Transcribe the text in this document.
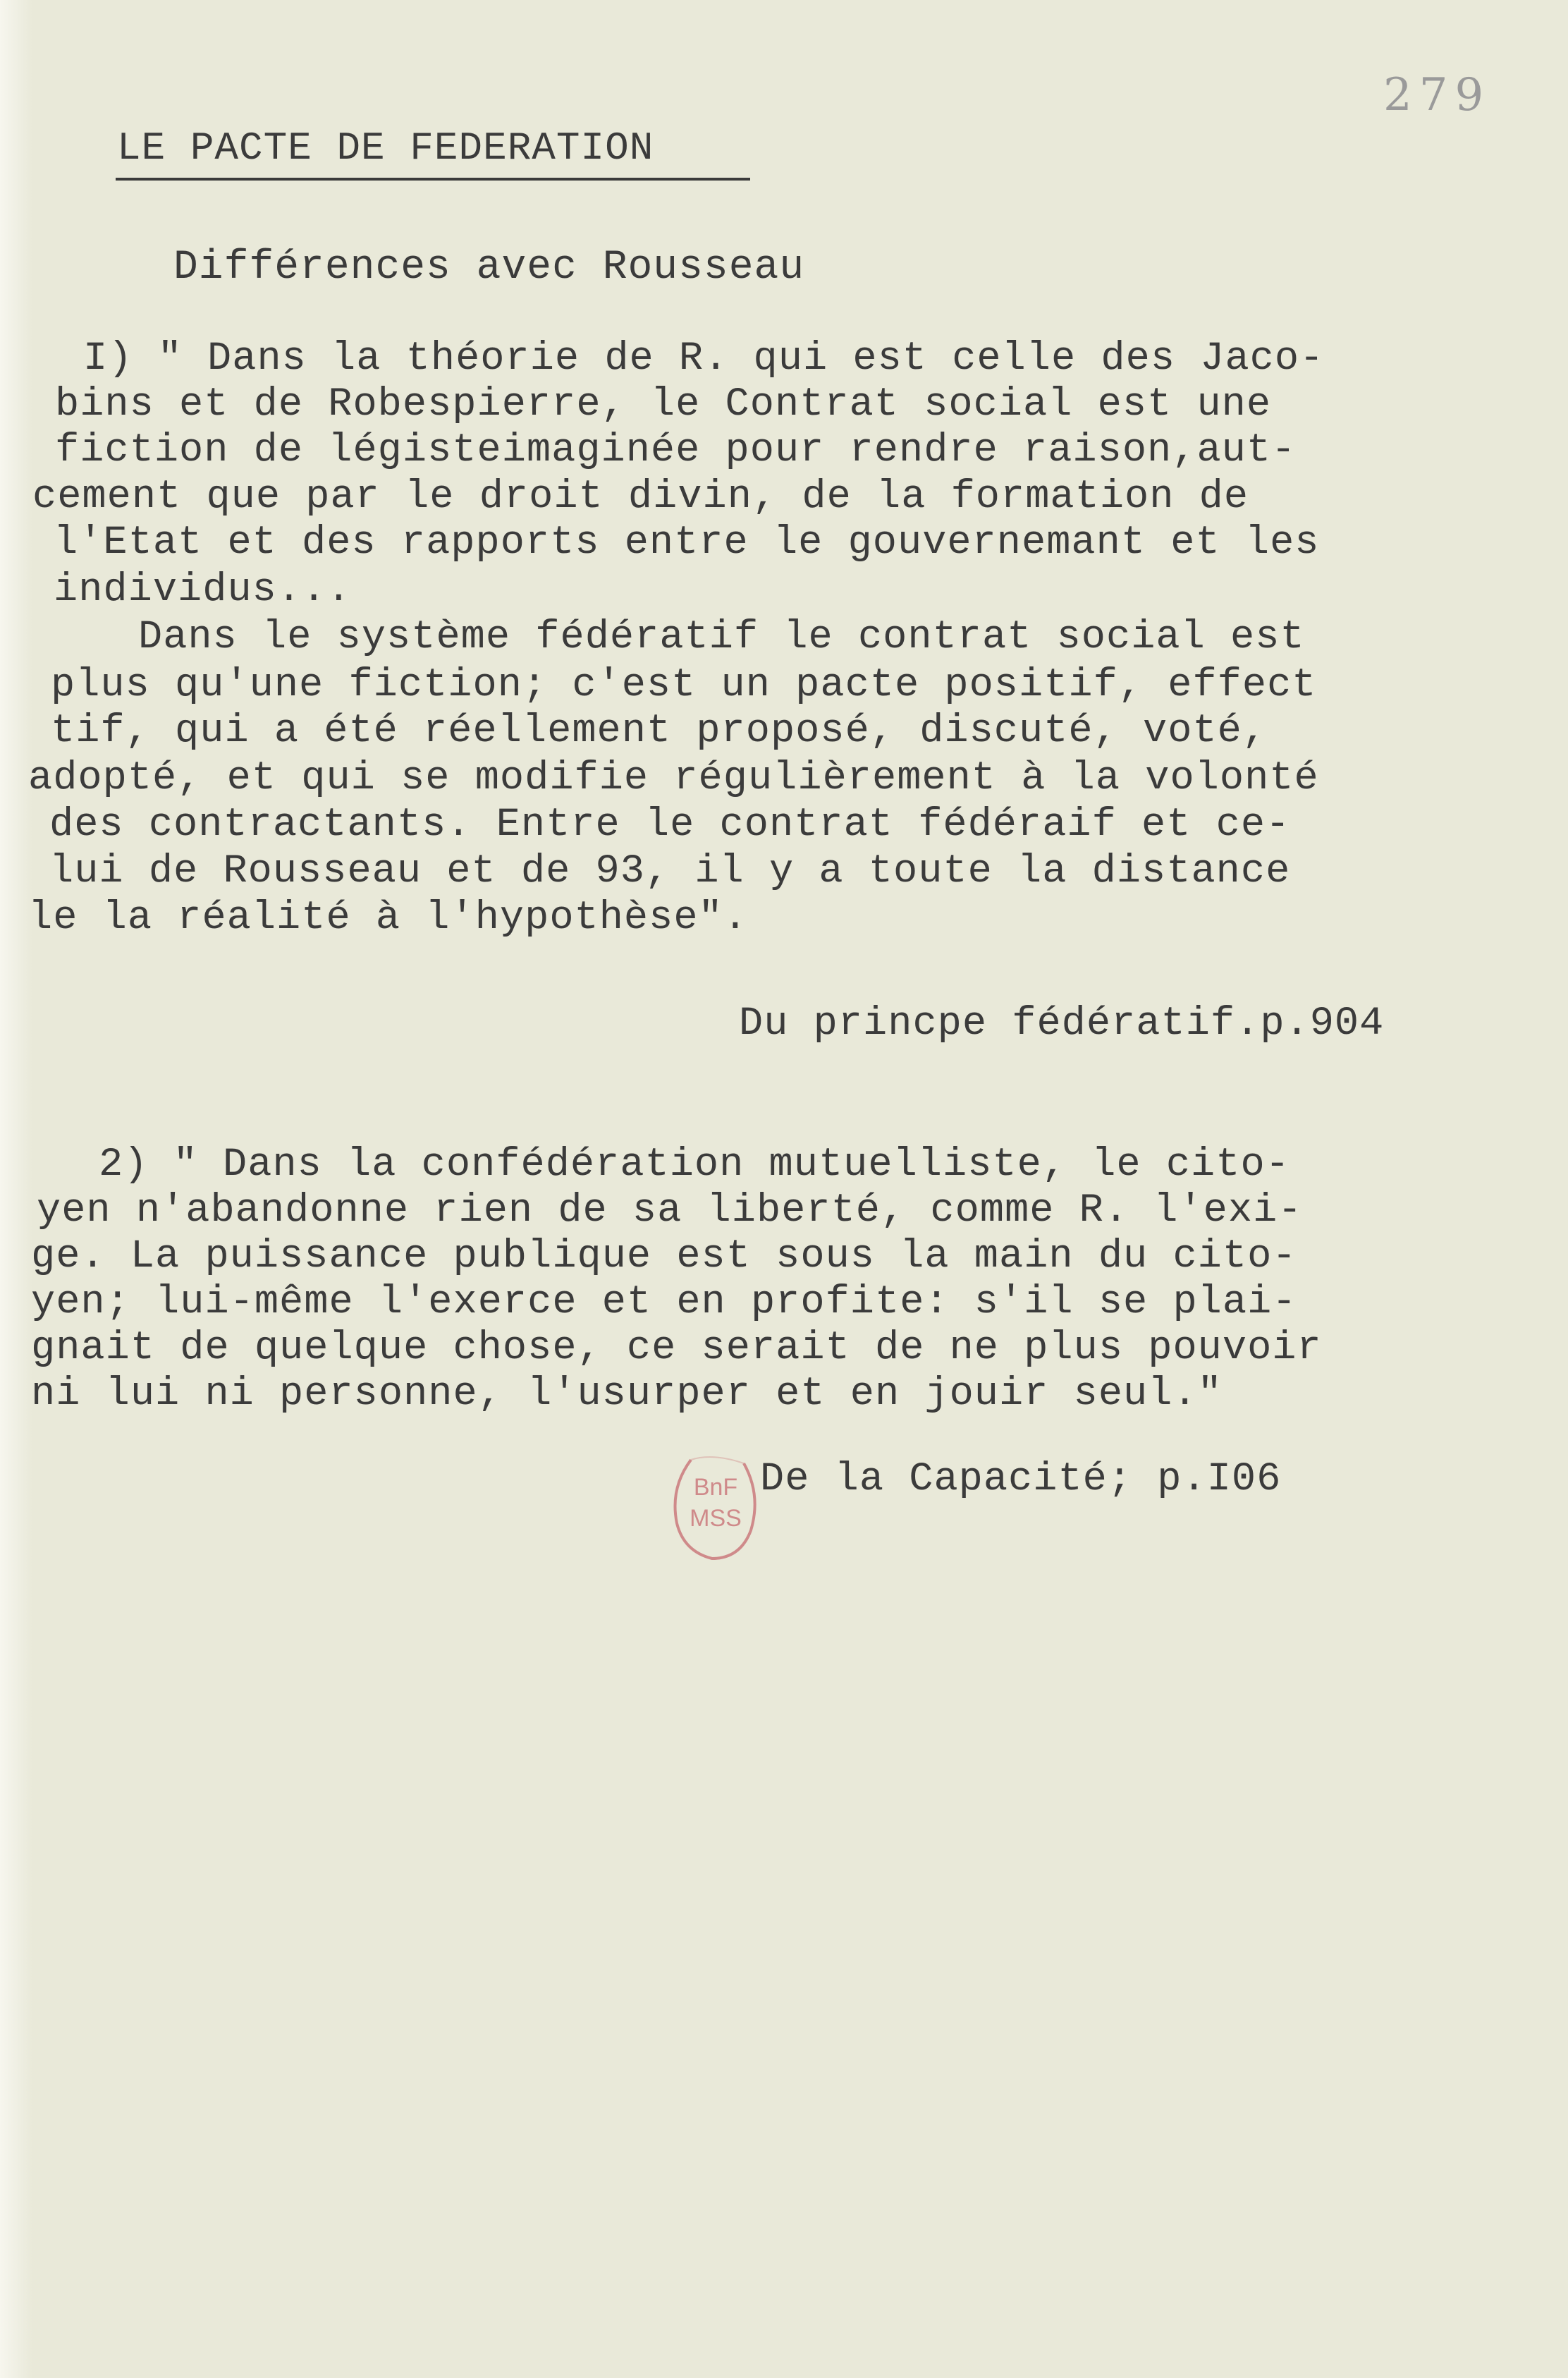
279
LE PACTE DE FEDERATION
Différences avec Rousseau
I) " Dans la théorie de R. qui est celle des Jaco-
bins et de Robespierre, le Contrat social est une
fiction de légisteimaginée pour rendre raison,aut-
cement que par le droit divin, de la formation de
l'Etat et des rapports entre le gouvernemant et les
individus...
Dans le système fédératif le contrat social est
plus qu'une fiction; c'est un pacte positif, effect
tif, qui a été réellement proposé, discuté, voté,
adopté, et qui se modifie régulièrement à la volonté
des contractants. Entre le contrat fédéraif et ce-
lui de Rousseau et de 93, il y a toute la distance
le la réalité à l'hypothèse".
Du princpe fédératif.p.904
2) " Dans la confédération mutuelliste, le cito-
yen n'abandonne rien de sa liberté, comme R. l'exi-
ge. La puissance publique est sous la main du cito-
yen; lui-même l'exerce et en profite: s'il se plai-
gnait de quelque chose, ce serait de ne plus pouvoir
ni lui ni personne, l'usurper et en jouir seul."
De la Capacité; p.I06
BnF
MSS
